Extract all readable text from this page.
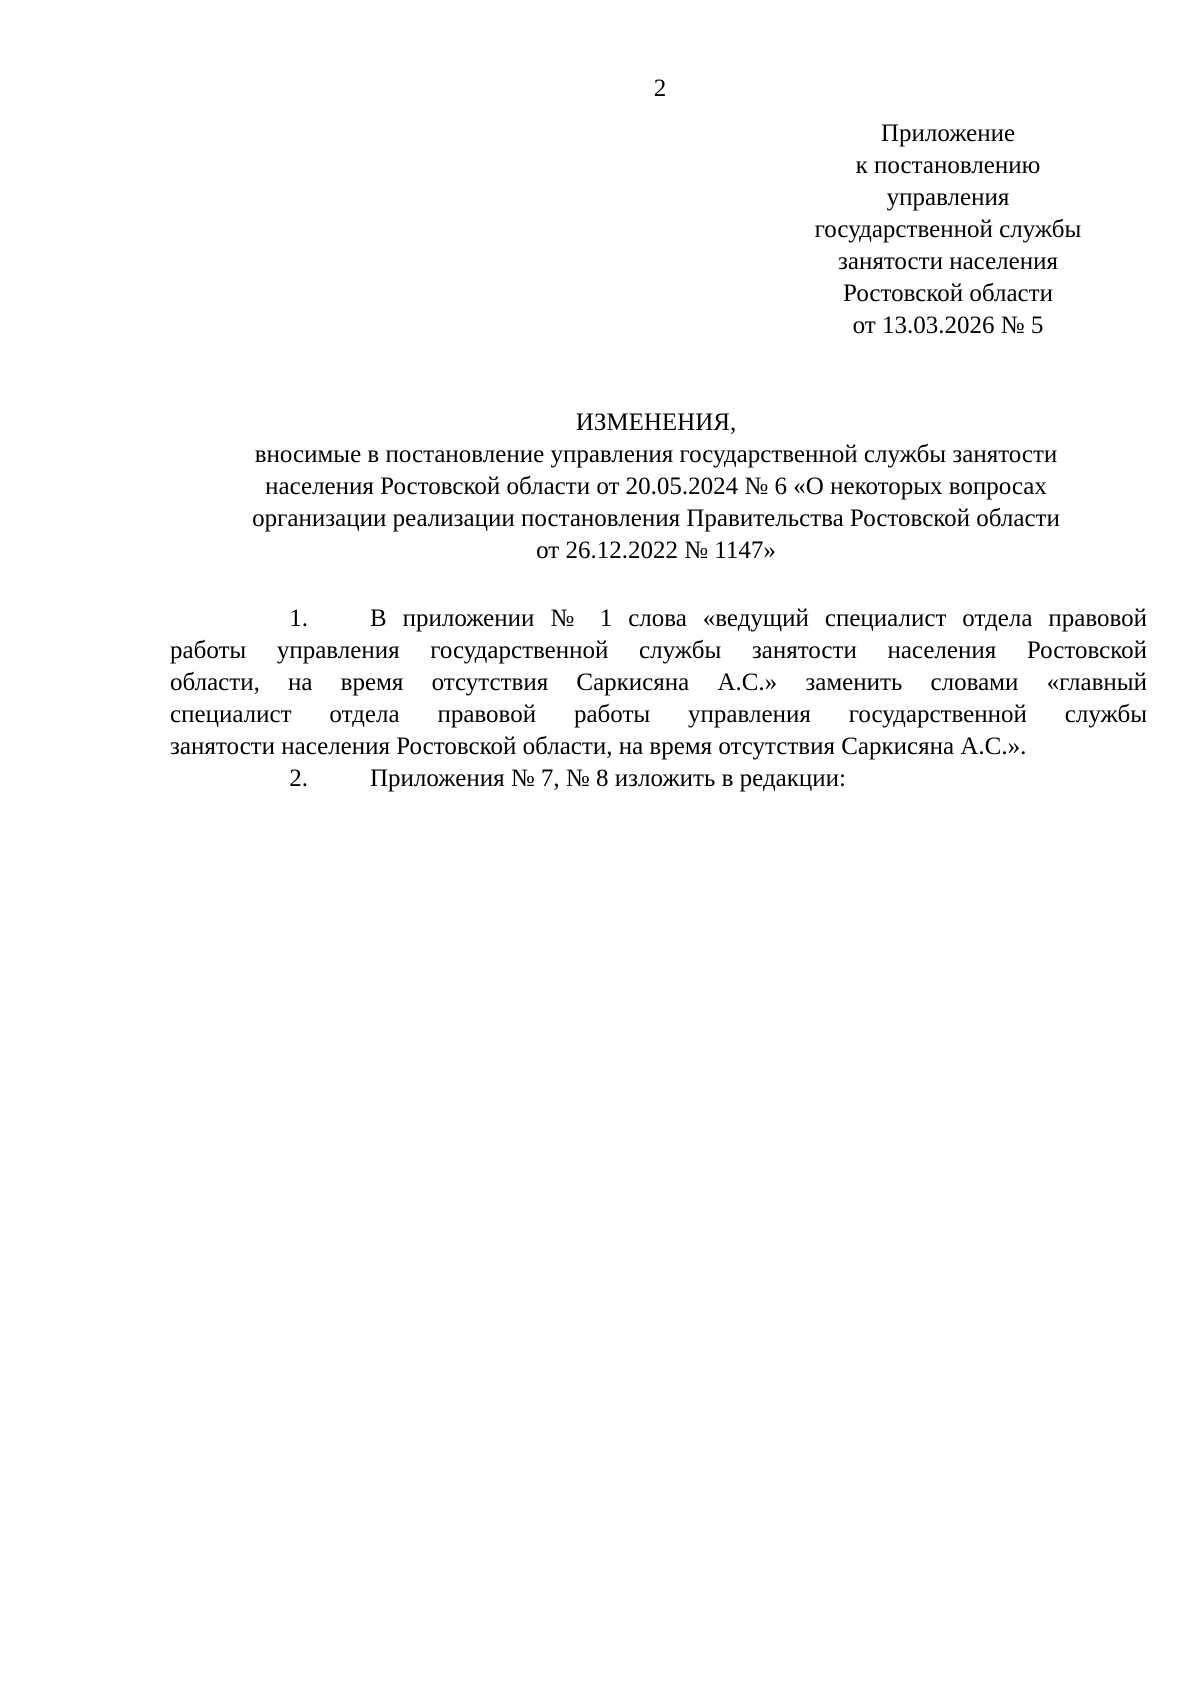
2
Приложение
к постановлению
управления
государственной службы
занятости населения
Ростовской области
от 13.03.2026 № 5
ИЗМЕНЕНИЯ,
вносимые в постановление управления государственной службы занятости
населения Ростовской области от 20.05.2024 № 6 «О некоторых вопросах
организации реализации постановления Правительства Ростовской области
от 26.12.2022 № 1147»
1.	В приложении № 1 слова «ведущий специалист отдела правовой
работы управления государственной службы занятости населения Ростовской
области, на время отсутствия Саркисяна А.С.» заменить словами «главный
специалист отдела правовой работы управления государственной службы
занятости населения Ростовской области, на время отсутствия Саркисяна А.С.».
2.	Приложения № 7, № 8 изложить в редакции:
